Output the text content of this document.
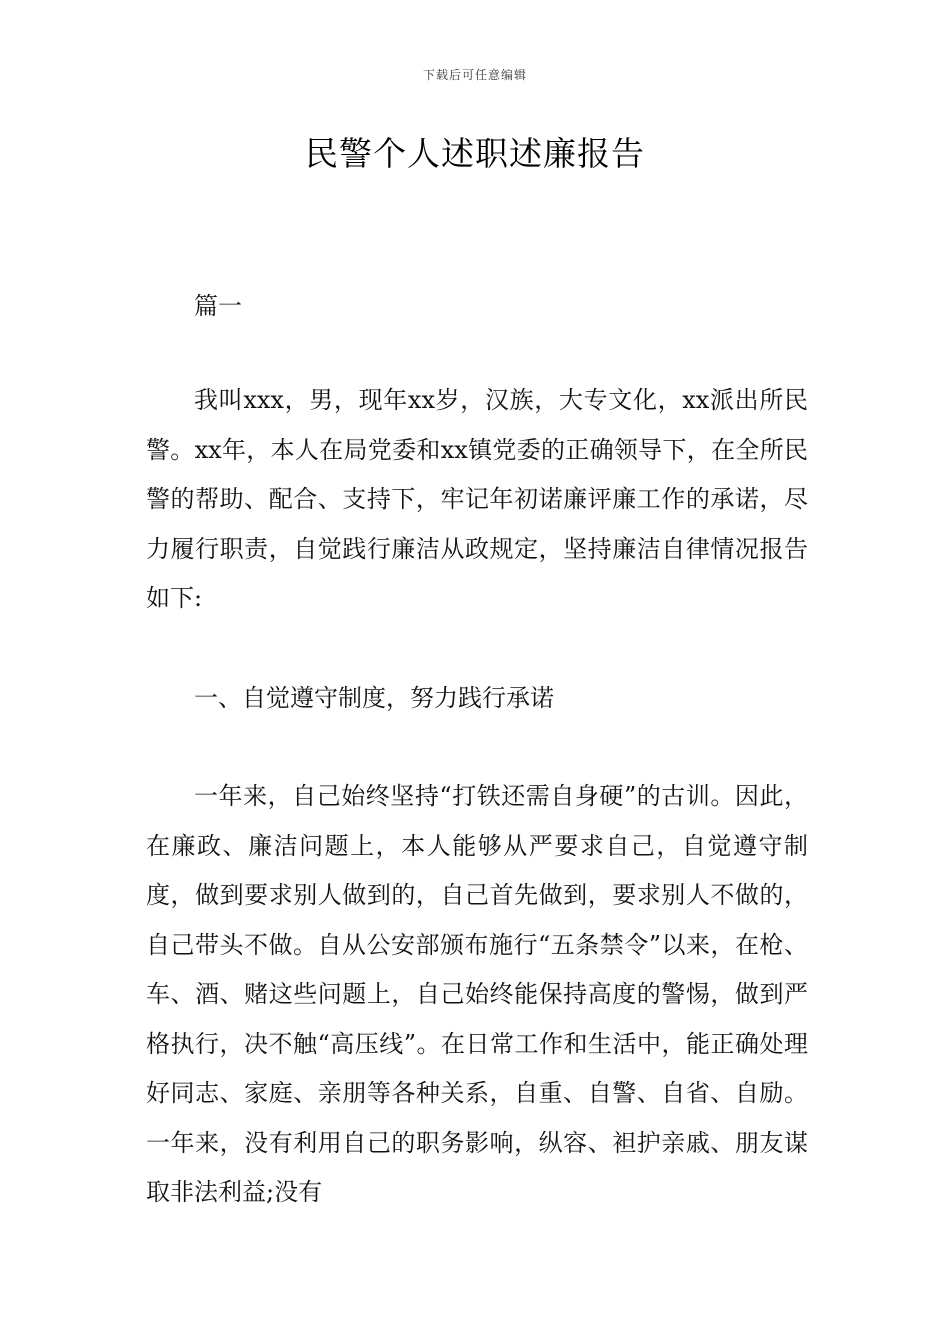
下载后可任意编辑
民警个人述职述廉报告

篇一

我叫xxx，男，现年xx岁，汉族，大专文化，xx派出所民警。xx年，本人在局党委和xx镇党委的正确领导下，在全所民警的帮助、配合、支持下，牢记年初诺廉评廉工作的承诺，尽力履行职责，自觉践行廉洁从政规定，坚持廉洁自律情况报告如下:

一、自觉遵守制度，努力践行承诺

一年来，自己始终坚持“打铁还需自身硬”的古训。因此，在廉政、廉洁问题上，本人能够从严要求自己，自觉遵守制度，做到要求别人做到的，自己首先做到，要求别人不做的，自己带头不做。自从公安部颁布施行“五条禁令”以来，在枪、车、酒、赌这些问题上，自己始终能保持高度的警惕，做到严格执行，决不触“高压线”。在日常工作和生活中，能正确处理好同志、家庭、亲朋等各种关系，自重、自警、自省、自励。一年来，没有利用自己的职务影响，纵容、袒护亲戚、朋友谋取非法利益;没有
